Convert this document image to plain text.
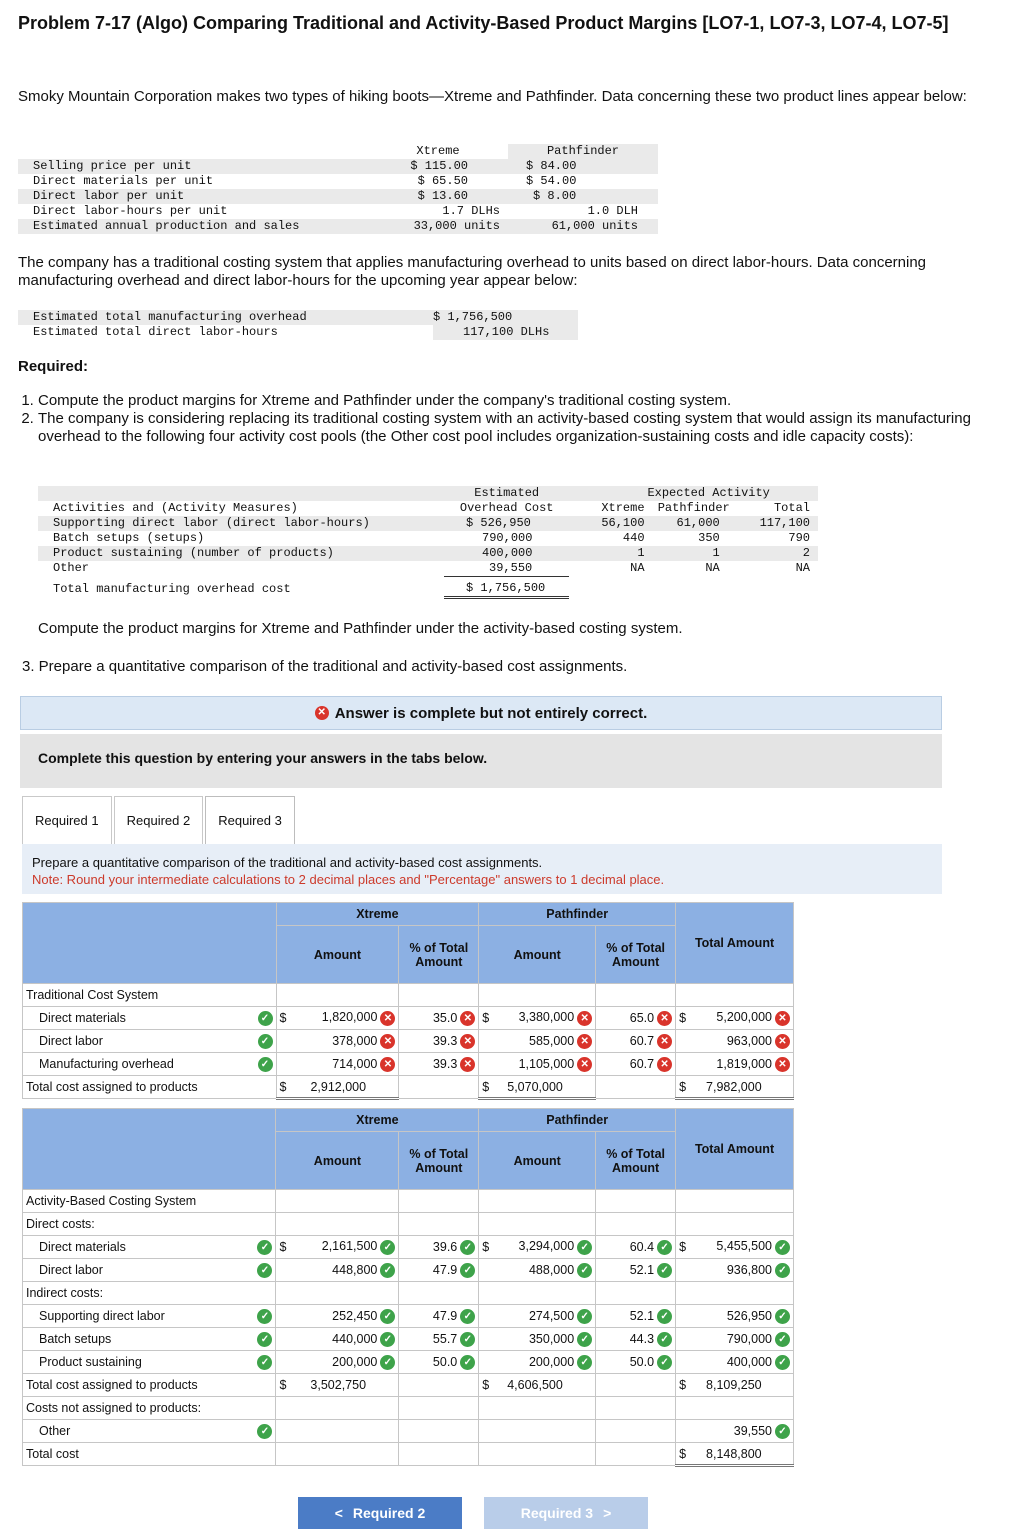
Problem 7-17 (Algo) Comparing Traditional and Activity-Based Product Margins [LO7-1, LO7-3, LO7-4, LO7-5]
Smoky Mountain Corporation makes two types of hiking boots—Xtreme and Pathfinder. Data concerning these two product lines appear below:
	Xtreme	Pathfinder
Selling price per unit	$ 115.00	$ 84.00
Direct materials per unit	$ 65.50	$ 54.00
Direct labor per unit	$ 13.60	$ 8.00
Direct labor-hours per unit	1.7 DLHs	1.0 DLH
Estimated annual production and sales	33,000 units	61,000 units
The company has a traditional costing system that applies manufacturing overhead to units based on direct labor-hours. Data concerning manufacturing overhead and direct labor-hours for the upcoming year appear below:
Estimated total manufacturing overhead	$ 1,756,500
Estimated total direct labor-hours	117,100 DLHs
Required:
1. Compute the product margins for Xtreme and Pathfinder under the company's traditional costing system.
2. The company is considering replacing its traditional costing system with an activity-based costing system that would assign its manufacturing overhead to the following four activity cost pools (the Other cost pool includes organization-sustaining costs and idle capacity costs):
	Estimated	Expected Activity		
Activities and (Activity Measures)	Overhead Cost	Xtreme	Pathfinder	Total
Supporting direct labor (direct labor-hours)	$ 526,950	56,100	61,000	117,100
Batch setups (setups)	790,000	440	350	790
Product sustaining (number of products)	400,000	1	1	2
Other	39,550	NA	NA	NA
Total manufacturing overhead cost	$ 1,756,500			
Compute the product margins for Xtreme and Pathfinder under the activity-based costing system.
3. Prepare a quantitative comparison of the traditional and activity-based cost assignments.
✕ Answer is complete but not entirely correct.
Complete this question by entering your answers in the tabs below.
Required 1	Required 2	Required 3
Prepare a quantitative comparison of the traditional and activity-based cost assignments.
Note: Round your intermediate calculations to 2 decimal places and "Percentage" answers to 1 decimal place.
	Xtreme		Pathfinder		Total Amount
	Amount	% of Total Amount	Amount	% of Total Amount	
Traditional Cost System					

Direct materials ✓	$ 1,820,000 ✕	35.0 ✕	$ 3,380,000 ✕	65.0 ✕	$ 5,200,000 ✕

Direct labor ✓	378,000 ✕	39.3 ✕	585,000 ✕	60.7 ✕	963,000 ✕

Manufacturing overhead ✓	714,000 ✕	39.3 ✕	1,105,000 ✕	60.7 ✕	1,819,000 ✕

Total cost assigned to products	$ 2,912,000		$ 5,070,000		$ 7,982,000
	Xtreme		Pathfinder		Total Amount
	Amount	% of Total Amount	Amount	% of Total Amount	
Activity-Based Costing System					
Direct costs:					

Direct materials ✓	$ 2,161,500 ✓	39.6 ✓	$ 3,294,000 ✓	60.4 ✓	$ 5,455,500 ✓

Direct labor ✓	448,800 ✓	47.9 ✓	488,000 ✓	52.1 ✓	936,800 ✓

Indirect costs:					

Supporting direct labor ✓	252,450 ✓	47.9 ✓	274,500 ✓	52.1 ✓	526,950 ✓

Batch setups ✓	440,000 ✓	55.7 ✓	350,000 ✓	44.3 ✓	790,000 ✓

Product sustaining ✓	200,000 ✓	50.0 ✓	200,000 ✓	50.0 ✓	400,000 ✓

Total cost assigned to products	$ 3,502,750		$ 4,606,500		$ 8,109,250
Costs not assigned to products:					

Other ✓					39,550 ✓

Total cost					$ 8,148,800
< Required 2	Required 3 >
